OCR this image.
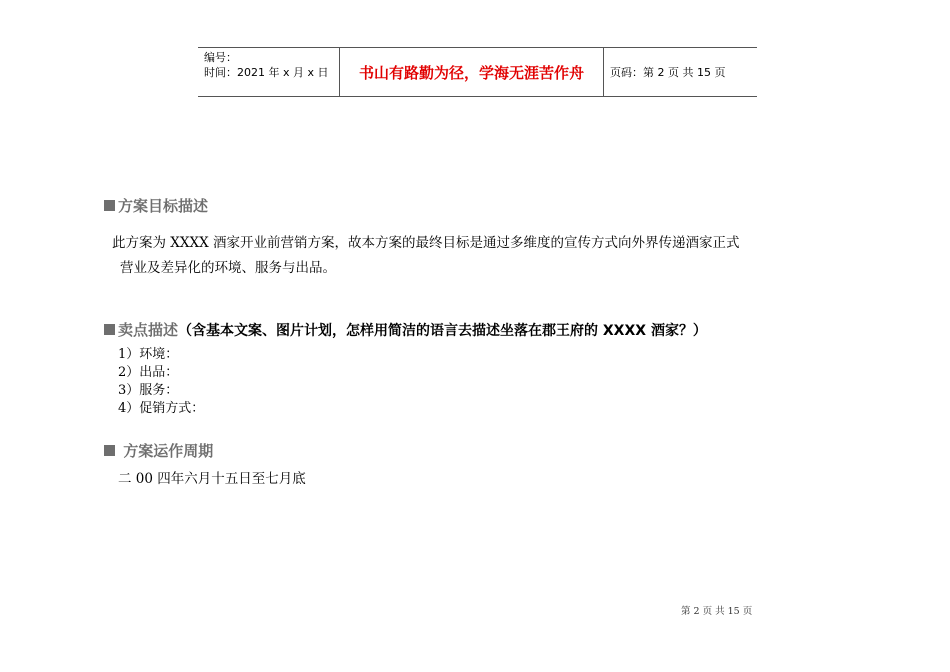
编号：
时间：2021 年 x 月 x 日	书山有路勤为径，学海无涯苦作舟	页码：第 2 页 共 15 页
方案目标描述
此方案为 XXXX 酒家开业前营销方案，故本方案的最终目标是通过多维度的宣传方式向外界传递酒家正式
营业及差异化的环境、服务与出品。
卖点描述（含基本文案、图片计划，怎样用简洁的语言去描述坐落在郡王府的 XXXX 酒家？）
1）环境：
2）出品：
3）服务：
4）促销方式：
方案运作周期
二 00 四年六月十五日至七月底
第 2 页 共 15 页
